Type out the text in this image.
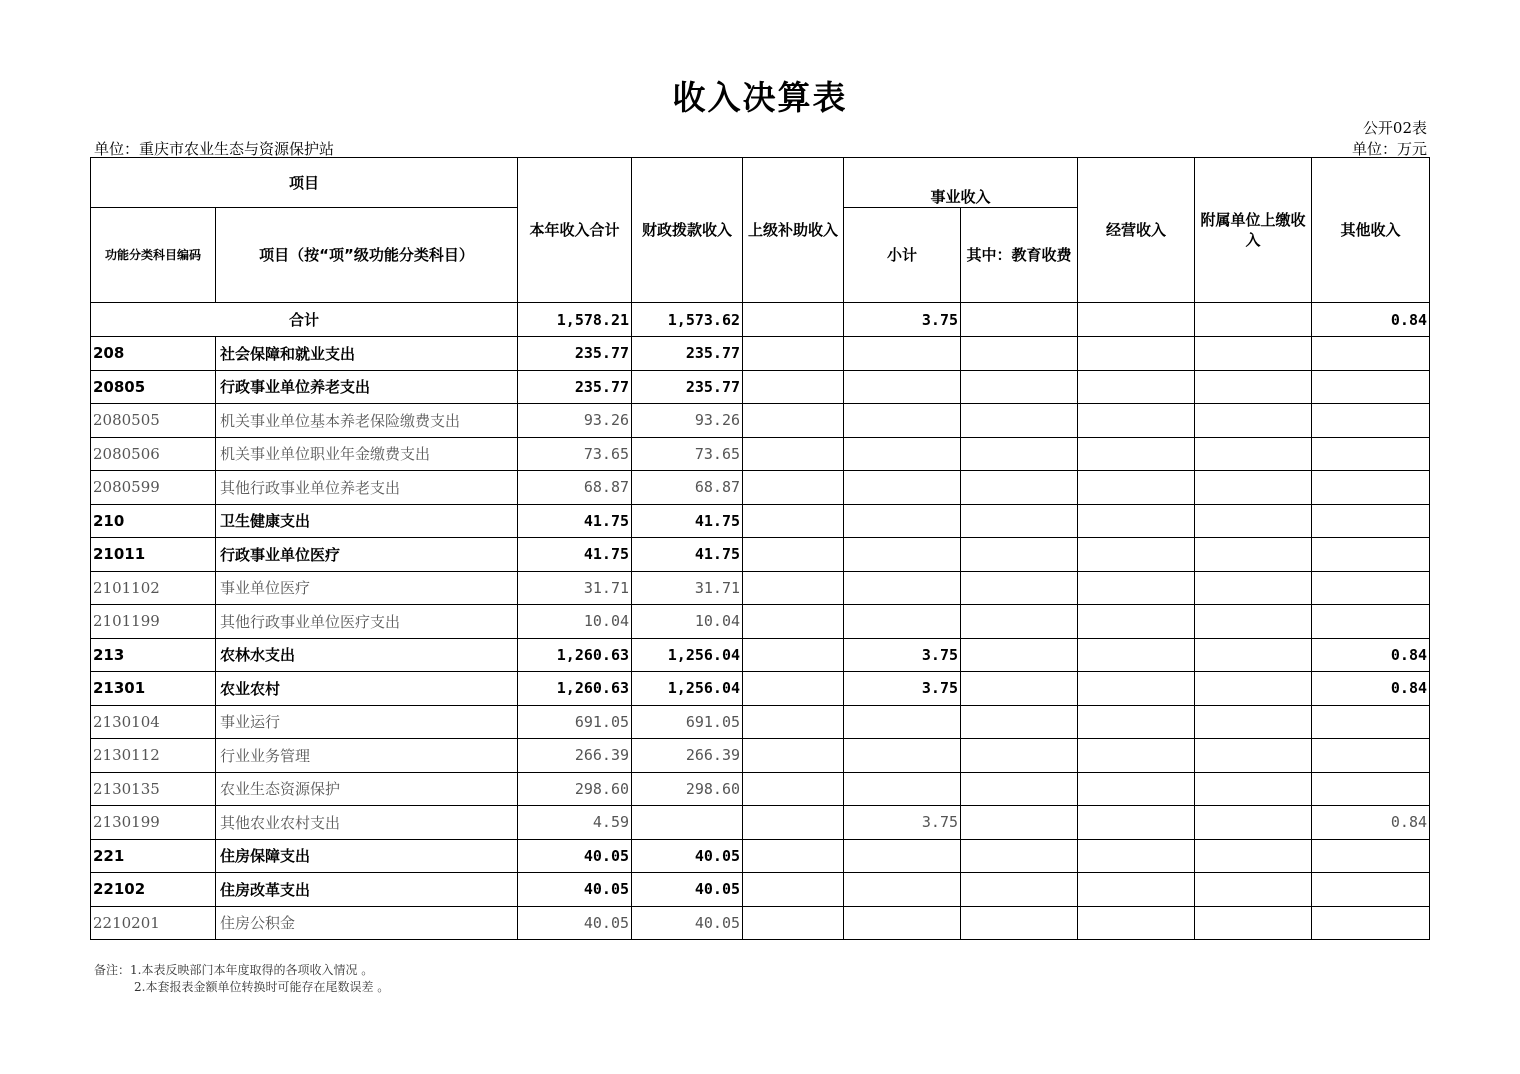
收入决算表
公开02表
单位：重庆市农业生态与资源保护站	单位：万元
项目		本年收入合计	财政拨款收入	上级补助收入	事业收入		经营收入	附属单位上缴收入	其他收入
功能分类科目编码	项目（按“项”级功能分类科目）				小计	其中：教育收费			
合计		1,578.21	1,573.62		3.75				0.84
208	社会保障和就业支出	235.77	235.77						
20805	行政事业单位养老支出	235.77	235.77						
2080505	机关事业单位基本养老保险缴费支出	93.26	93.26						
2080506	机关事业单位职业年金缴费支出	73.65	73.65						
2080599	其他行政事业单位养老支出	68.87	68.87						
210	卫生健康支出	41.75	41.75						
21011	行政事业单位医疗	41.75	41.75						
2101102	事业单位医疗	31.71	31.71						
2101199	其他行政事业单位医疗支出	10.04	10.04						
213	农林水支出	1,260.63	1,256.04		3.75				0.84
21301	农业农村	1,260.63	1,256.04		3.75				0.84
2130104	事业运行	691.05	691.05						
2130112	行业业务管理	266.39	266.39						
2130135	农业生态资源保护	298.60	298.60						
2130199	其他农业农村支出	4.59			3.75				0.84
221	住房保障支出	40.05	40.05						
22102	住房改革支出	40.05	40.05						
2210201	住房公积金	40.05	40.05						
备注：1.本表反映部门本年度取得的各项收入情况 。
2.本套报表金额单位转换时可能存在尾数误差 。
